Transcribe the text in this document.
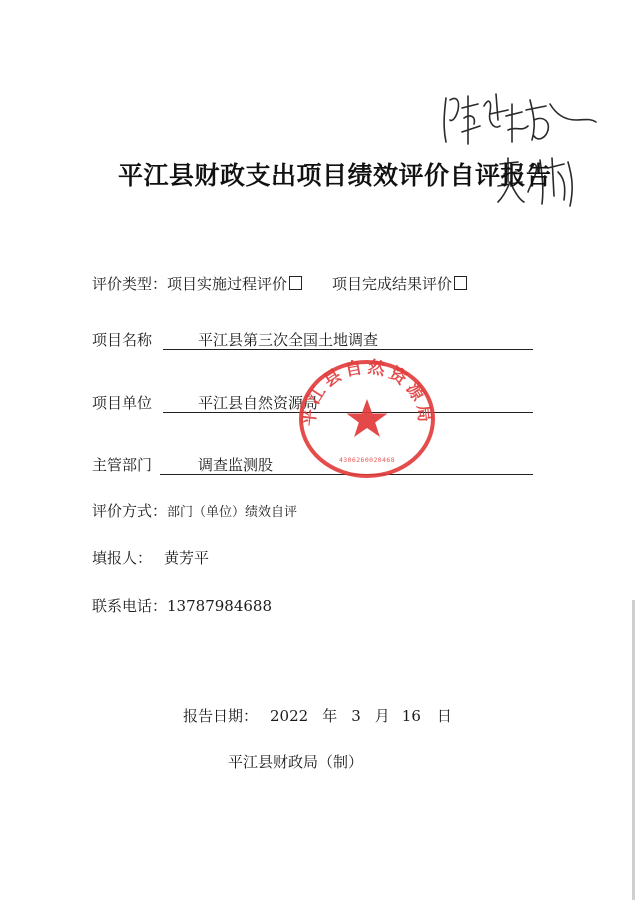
平江县财政支出项目绩效评价自评报告
评价类型：项目实施过程评价	项目完成结果评价
项目名称	平江县第三次全国土地调查
项目单位	平江县自然资源局
主管部门	调查监测股
评价方式：部门（单位）绩效自评
填报人： 黄芳平
联系电话：13787984688
报告日期： 2022 年 3 月 16 日
平江县财政局（制）
平江县自然资源局
4306260020468
